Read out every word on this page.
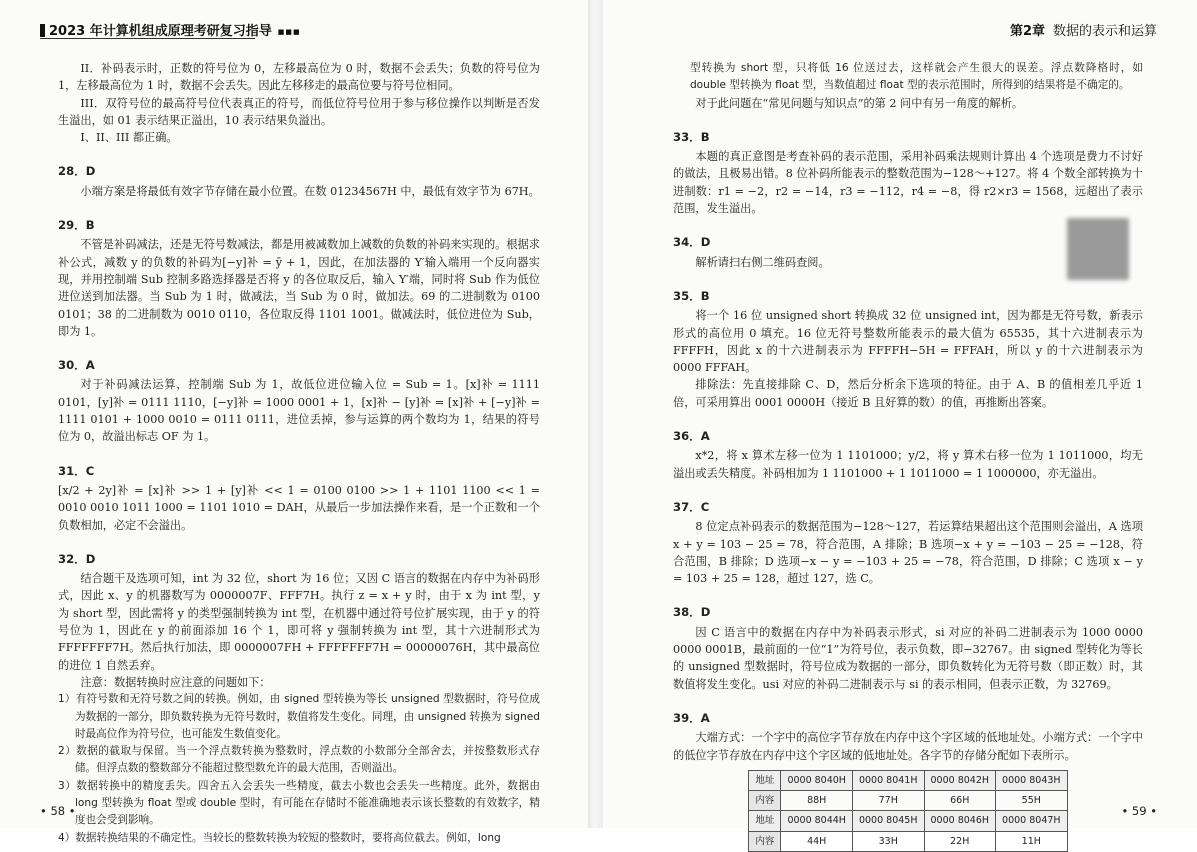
2023 年计算机组成原理考研复习指导 ■■■

II．补码表示时，正数的符号位为 0，左移最高位为 0 时，数据不会丢失；负数的符号位为 1，左移最高位为 1 时，数据不会丢失。因此左移移走的最高位要与符号位相同。

III．双符号位的最高符号位代表真正的符号，而低位符号位用于参与移位操作以判断是否发生溢出，如 01 表示结果正溢出，10 表示结果负溢出。

I、II、III 都正确。

28．D

小端方案是将最低有效字节存储在最小位置。在数 01234567H 中，最低有效字节为 67H。

29．B

不管是补码减法，还是无符号数减法，都是用被减数加上减数的负数的补码来实现的。根据求补公式，减数 y 的负数的补码为[−y]补 = ȳ + 1，因此，在加法器的 Y′输入端用一个反向器实现，并用控制端 Sub 控制多路选择器是否将 y 的各位取反后，输入 Y′端，同时将 Sub 作为低位进位送到加法器。当 Sub 为 1 时，做减法，当 Sub 为 0 时，做加法。69 的二进制数为 0100 0101；38 的二进制数为 0010 0110，各位取反得 1101 1001。做减法时，低位进位为 Sub，即为 1。

30．A

对于补码减法运算，控制端 Sub 为 1，故低位进位输入位 = Sub = 1。[x]补 = 1111 0101，[y]补 = 0111 1110，[−y]补 = 1000 0001 + 1，[x]补 − [y]补 = [x]补 + [−y]补 = 1111 0101 + 1000 0010 = 0111 0111，进位丢掉，参与运算的两个数均为 1，结果的符号位为 0，故溢出标志 OF 为 1。

31．C

[x/2 + 2y]补 = [x]补 >> 1 + [y]补 << 1 = 0100 0100 >> 1 + 1101 1100 << 1 = 0010 0010 1011 1000 = 1101 1010 = DAH，从最后一步加法操作来看，是一个正数和一个负数相加，必定不会溢出。

32．D

结合题干及选项可知，int 为 32 位，short 为 16 位；又因 C 语言的数据在内存中为补码形式，因此 x、y 的机器数写为 0000007F、FFF7H。执行 z = x + y 时，由于 x 为 int 型，y 为 short 型，因此需将 y 的类型强制转换为 int 型，在机器中通过符号位扩展实现，由于 y 的符号位为 1，因此在 y 的前面添加 16 个 1，即可将 y 强制转换为 int 型，其十六进制形式为 FFFFFFF7H。然后执行加法，即 0000007FH + FFFFFFF7H = 00000076H，其中最高位的进位 1 自然丢弃。

注意：数据转换时应注意的问题如下：

1）有符号数和无符号数之间的转换。例如，由 signed 型转换为等长 unsigned 型数据时，符号位成为数据的一部分，即负数转换为无符号数时，数值将发生变化。同理，由 unsigned 转换为 signed 时最高位作为符号位，也可能发生数值变化。

2）数据的截取与保留。当一个浮点数转换为整数时，浮点数的小数部分全部舍去，并按整数形式存储。但浮点数的整数部分不能超过整型数允许的最大范围，否则溢出。

3）数据转换中的精度丢失。四舍五入会丢失一些精度，截去小数也会丢失一些精度。此外，数据由 long 型转换为 float 型或 double 型时，有可能在存储时不能准确地表示该长整数的有效数字，精度也会受到影响。

4）数据转换结果的不确定性。当较长的整数转换为较短的整数时，要将高位截去。例如，long

• 58 •
第2章 数据的表示和运算

型转换为 short 型，只将低 16 位送过去，这样就会产生很大的误差。浮点数降格时，如 double 型转换为 float 型，当数值超过 float 型的表示范围时，所得到的结果将是不确定的。

对于此问题在“常见问题与知识点”的第 2 问中有另一角度的解析。

33．B

本题的真正意图是考查补码的表示范围，采用补码乘法规则计算出 4 个选项是费力不讨好的做法，且极易出错。8 位补码所能表示的整数范围为−128～+127。将 4 个数全部转换为十进制数：r1 = −2，r2 = −14，r3 = −112，r4 = −8，得 r2×r3 = 1568，远超出了表示范围，发生溢出。

34．D

解析请扫右侧二维码查阅。

35．B

将一个 16 位 unsigned short 转换成 32 位 unsigned int，因为都是无符号数，新表示形式的高位用 0 填充。16 位无符号整数所能表示的最大值为 65535，其十六进制表示为 FFFFH，因此 x 的十六进制表示为 FFFFH−5H = FFFAH，所以 y 的十六进制表示为 0000 FFFAH。

排除法：先直接排除 C、D，然后分析余下选项的特征。由于 A、B 的值相差几乎近 1 倍，可采用算出 0001 0000H（接近 B 且好算的数）的值，再推断出答案。

36．A

x*2，将 x 算术左移一位为 1 1101000；y/2，将 y 算术右移一位为 1 1011000，均无溢出或丢失精度。补码相加为 1 1101000 + 1 1011000 = 1 1000000，亦无溢出。

37．C

8 位定点补码表示的数据范围为−128～127，若运算结果超出这个范围则会溢出，A 选项 x + y = 103 − 25 = 78，符合范围，A 排除；B 选项−x + y = −103 − 25 = −128，符合范围，B 排除；D 选项−x − y = −103 + 25 = −78，符合范围，D 排除；C 选项 x − y = 103 + 25 = 128，超过 127，选 C。

38．D

因 C 语言中的数据在内存中为补码表示形式，si 对应的补码二进制表示为 1000 0000 0000 0001B，最前面的一位“1”为符号位，表示负数，即−32767。由 signed 型转化为等长的 unsigned 型数据时，符号位成为数据的一部分，即负数转化为无符号数（即正数）时，其数值将发生变化。usi 对应的补码二进制表示与 si 的表示相同，但表示正数，为 32769。

39．A

大端方式：一个字中的高位字节存放在内存中这个字区域的低地址处。小端方式：一个字中的低位字节存放在内存中这个字区域的低地址处。各字节的存储分配如下表所示。

地址	0000 8040H	0000 8041H	0000 8042H	0000 8043H
内容	88H	77H	66H	55H
地址	0000 8044H	0000 8045H	0000 8046H	0000 8047H
内容	44H	33H	22H	11H
• 59 •
